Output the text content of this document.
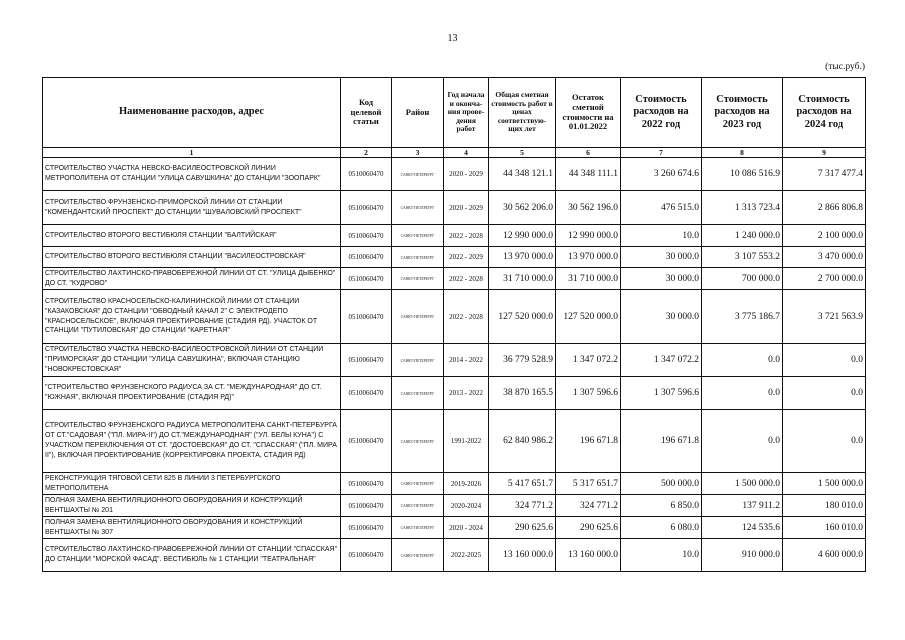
13
(тыс.руб.)
Наименование расходов, адрес	Код целевой статьи	Район	Год начала и оконча-ния прове-дения работ	Общая сметная стоимость работ в ценах соответствую-щих лет	Остаток сметной стоимости на 01.01.2022	Стоимость расходов на 2022 год	Стоимость расходов на 2023 год	Стоимость расходов на 2024 год
1	2	3	4	5	6	7	8	9
СТРОИТЕЛЬСТВО УЧАСТКА НЕВСКО-ВАСИЛЕОСТРОВСКОЙ ЛИНИИ МЕТРОПОЛИТЕНА ОТ СТАНЦИИ "УЛИЦА САВУШКИНА" ДО СТАНЦИИ "ЗООПАРК"	0510060470	САНКТ-ПЕТЕРБУРГ	2020 - 2029	44 348 121.1	44 348 111.1	3 260 674.6	10 086 516.9	7 317 477.4
СТРОИТЕЛЬСТВО ФРУНЗЕНСКО-ПРИМОРСКОЙ ЛИНИИ ОТ СТАНЦИИ "КОМЕНДАНТСКИЙ ПРОСПЕКТ" ДО СТАНЦИИ "ШУВАЛОВСКИЙ ПРОСПЕКТ"	0510060470	САНКТ-ПЕТЕРБУРГ	2020 - 2029	30 562 206.0	30 562 196.0	476 515.0	1 313 723.4	2 866 806.8
СТРОИТЕЛЬСТВО ВТОРОГО ВЕСТИБЮЛЯ СТАНЦИИ "БАЛТИЙСКАЯ"	0510060470	САНКТ-ПЕТЕРБУРГ	2022 - 2028	12 990 000.0	12 990 000.0	10.0	1 240 000.0	2 100 000.0
СТРОИТЕЛЬСТВО ВТОРОГО ВЕСТИБЮЛЯ СТАНЦИИ "ВАСИЛЕОСТРОВСКАЯ"	0510060470	САНКТ-ПЕТЕРБУРГ	2022 - 2029	13 970 000.0	13 970 000.0	30 000.0	3 107 553.2	3 470 000.0
СТРОИТЕЛЬСТВО ЛАХТИНСКО-ПРАВОБЕРЕЖНОЙ ЛИНИИ ОТ СТ. "УЛИЦА ДЫБЕНКО" ДО СТ. "КУДРОВО"	0510060470	САНКТ-ПЕТЕРБУРГ	2022 - 2028	31 710 000.0	31 710 000.0	30 000.0	700 000.0	2 700 000.0
СТРОИТЕЛЬСТВО КРАСНОСЕЛЬСКО-КАЛИНИНСКОЙ ЛИНИИ ОТ СТАНЦИИ "КАЗАКОВСКАЯ" ДО СТАНЦИИ "ОБВОДНЫЙ КАНАЛ 2" С ЭЛЕКТРОДЕПО "КРАСНОСЕЛЬСКОЕ", ВКЛЮЧАЯ ПРОЕКТИРОВАНИЕ (СТАДИЯ РД). УЧАСТОК ОТ СТАНЦИИ "ПУТИЛОВСКАЯ" ДО СТАНЦИИ "КАРЕТНАЯ"	0510060470	САНКТ-ПЕТЕРБУРГ	2022 - 2028	127 520 000.0	127 520 000.0	30 000.0	3 775 186.7	3 721 563.9
СТРОИТЕЛЬСТВО УЧАСТКА НЕВСКО-ВАСИЛЕОСТРОВСКОЙ ЛИНИИ ОТ СТАНЦИИ "ПРИМОРСКАЯ" ДО СТАНЦИИ "УЛИЦА САВУШКИНА", ВКЛЮЧАЯ СТАНЦИЮ "НОВОКРЕСТОВСКАЯ"	0510060470	САНКТ-ПЕТЕРБУРГ	2014 - 2022	36 779 528.9	1 347 072.2	1 347 072.2	0.0	0.0
"СТРОИТЕЛЬСТВО ФРУНЗЕНСКОГО РАДИУСА ЗА СТ. "МЕЖДУНАРОДНАЯ" ДО СТ. "ЮЖНАЯ", ВКЛЮЧАЯ ПРОЕКТИРОВАНИЕ (СТАДИЯ РД)"	0510060470	САНКТ-ПЕТЕРБУРГ	2013 - 2022	38 870 165.5	1 307 596.6	1 307 596.6	0.0	0.0
СТРОИТЕЛЬСТВО ФРУНЗЕНСКОГО РАДИУСА МЕТРОПОЛИТЕНА САНКТ-ПЕТЕРБУРГА ОТ СТ."САДОВАЯ" ("ПЛ. МИРА-II") ДО СТ."МЕЖДУНАРОДНАЯ" ("УЛ. БЕЛЫ КУНА") С УЧАСТКОМ ПЕРЕКЛЮЧЕНИЯ ОТ СТ. "ДОСТОЕВСКАЯ" ДО СТ. "СПАССКАЯ" ("ПЛ. МИРА II"), ВКЛЮЧАЯ ПРОЕКТИРОВАНИЕ (КОРРЕКТИРОВКА ПРОЕКТА, СТАДИЯ РД)	0510060470	САНКТ-ПЕТЕРБУРГ	1991-2022	62 840 986.2	196 671.8	196 671.8	0.0	0.0
РЕКОНСТРУКЦИЯ ТЯГОВОЙ СЕТИ 825 В ЛИНИИ 3 ПЕТЕРБУРГСКОГО МЕТРОПОЛИТЕНА	0510060470	САНКТ-ПЕТЕРБУРГ	2019-2026	5 417 651.7	5 317 651.7	500 000.0	1 500 000.0	1 500 000.0
ПОЛНАЯ ЗАМЕНА ВЕНТИЛЯЦИОННОГО ОБОРУДОВАНИЯ И КОНСТРУКЦИЙ ВЕНТШАХТЫ № 201	0510060470	САНКТ-ПЕТЕРБУРГ	2020-2024	324 771.2	324 771.2	6 850.0	137 911.2	180 010.0
ПОЛНАЯ ЗАМЕНА ВЕНТИЛЯЦИОННОГО ОБОРУДОВАНИЯ И КОНСТРУКЦИЙ ВЕНТШАХТЫ № 307	0510060470	САНКТ-ПЕТЕРБУРГ	2020 - 2024	290 625.6	290 625.6	6 080.0	124 535.6	160 010.0
СТРОИТЕЛЬСТВО ЛАХТИНСКО-ПРАВОБЕРЕЖНОЙ ЛИНИИ ОТ СТАНЦИИ "СПАССКАЯ" ДО СТАНЦИИ "МОРСКОЙ ФАСАД". ВЕСТИБЮЛЬ № 1 СТАНЦИИ "ТЕАТРАЛЬНАЯ"	0510060470	САНКТ-ПЕТЕРБУРГ	2022-2025	13 160 000.0	13 160 000.0	10.0	910 000.0	4 600 000.0
